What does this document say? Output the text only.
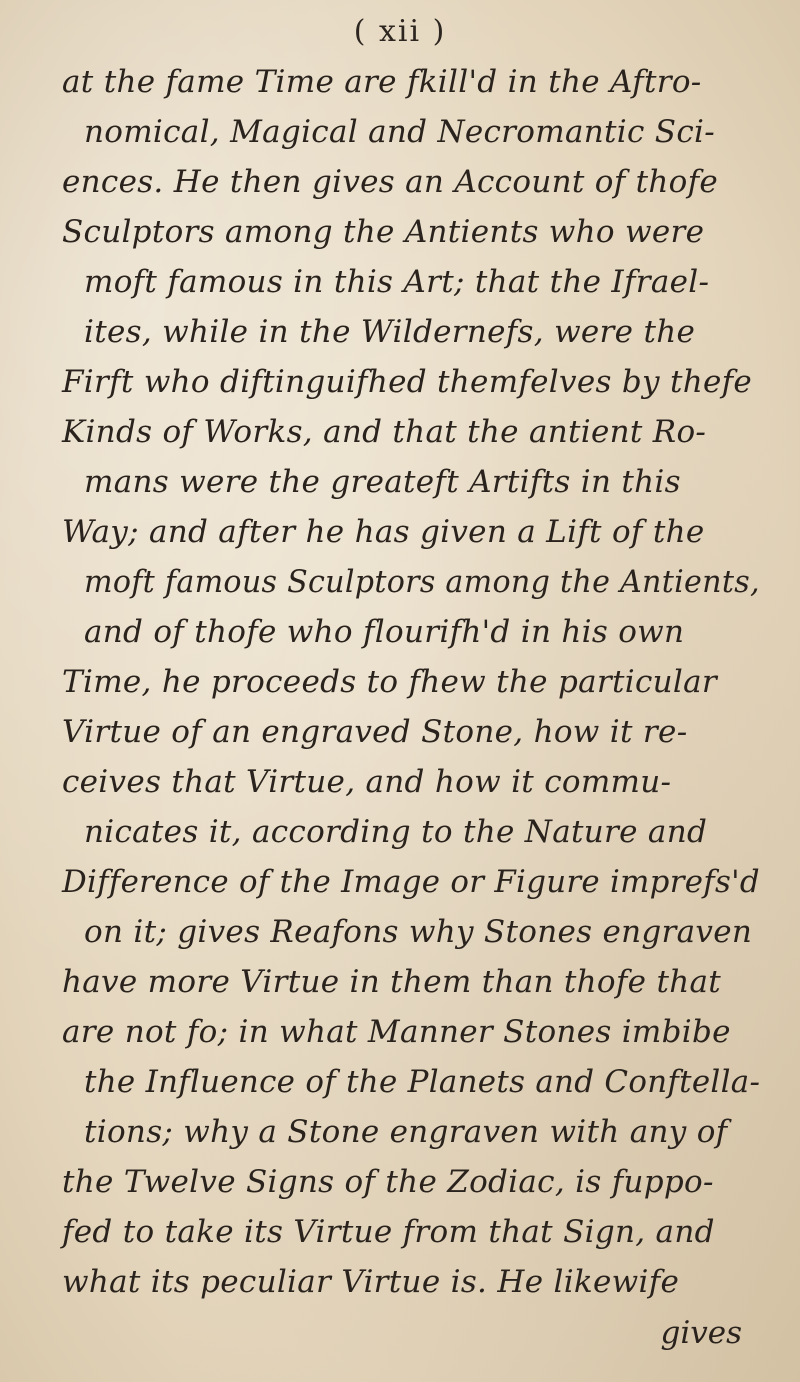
( xii )
at the fame Time are fkill'd in the Aftro-
nomical, Magical and Necromantic Sci-
ences. He then gives an Account of thofe
Sculptors among the Antients who were
moft famous in this Art; that the Ifrael-
ites, while in the Wildernefs, were the
Firft who diftinguifhed themfelves by thefe
Kinds of Works, and that the antient Ro-
mans were the greateft Artifts in this
Way; and after he has given a Lift of the
moft famous Sculptors among the Antients,
and of thofe who flourifh'd in his own
Time, he proceeds to fhew the particular
Virtue of an engraved Stone, how it re-
ceives that Virtue, and how it commu-
nicates it, according to the Nature and
Difference of the Image or Figure imprefs'd
on it; gives Reafons why Stones engraven
have more Virtue in them than thofe that
are not fo; in what Manner Stones imbibe
the Influence of the Planets and Conftella-
tions; why a Stone engraven with any of
the Twelve Signs of the Zodiac, is fuppo-
fed to take its Virtue from that Sign, and
what its peculiar Virtue is. He likewife
gives
